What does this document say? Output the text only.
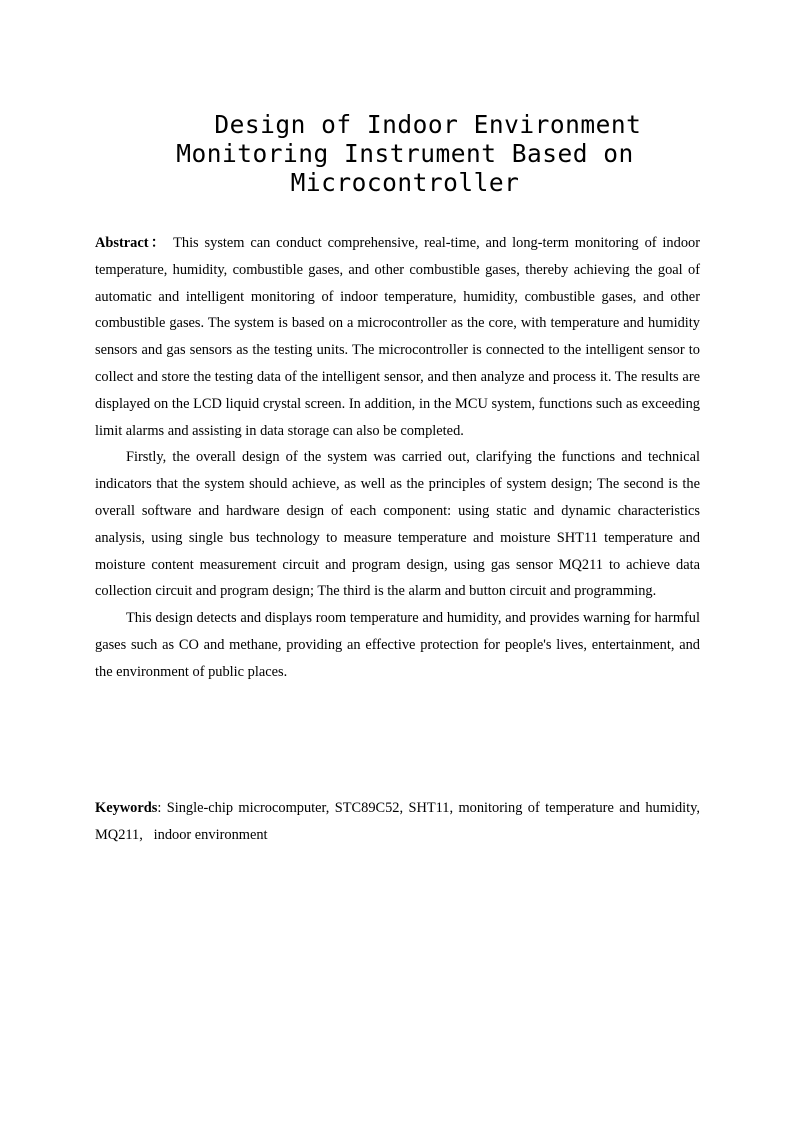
Design of Indoor Environment
Monitoring Instrument Based on
Microcontroller

Abstract： This system can conduct comprehensive, real-time, and long-term monitoring of indoor temperature, humidity, combustible gases, and other combustible gases, thereby achieving the goal of automatic and intelligent monitoring of indoor temperature, humidity, combustible gases, and other combustible gases. The system is based on a microcontroller as the core, with temperature and humidity sensors and gas sensors as the testing units. The microcontroller is connected to the intelligent sensor to collect and store the testing data of the intelligent sensor, and then analyze and process it. The results are displayed on the LCD liquid crystal screen. In addition, in the MCU system, functions such as exceeding limit alarms and assisting in data storage can also be completed.

Firstly, the overall design of the system was carried out, clarifying the functions and technical indicators that the system should achieve, as well as the principles of system design; The second is the overall software and hardware design of each component: using static and dynamic characteristics analysis, using single bus technology to measure temperature and moisture SHT11 temperature and moisture content measurement circuit and program design, using gas sensor MQ211 to achieve data collection circuit and program design; The third is the alarm and button circuit and programming.

This design detects and displays room temperature and humidity, and provides warning for harmful gases such as CO and methane, providing an effective protection for people's lives, entertainment, and the environment of public places.

Keywords: Single-chip microcomputer, STC89C52, SHT11, monitoring of temperature and humidity,   MQ211,   indoor environment
